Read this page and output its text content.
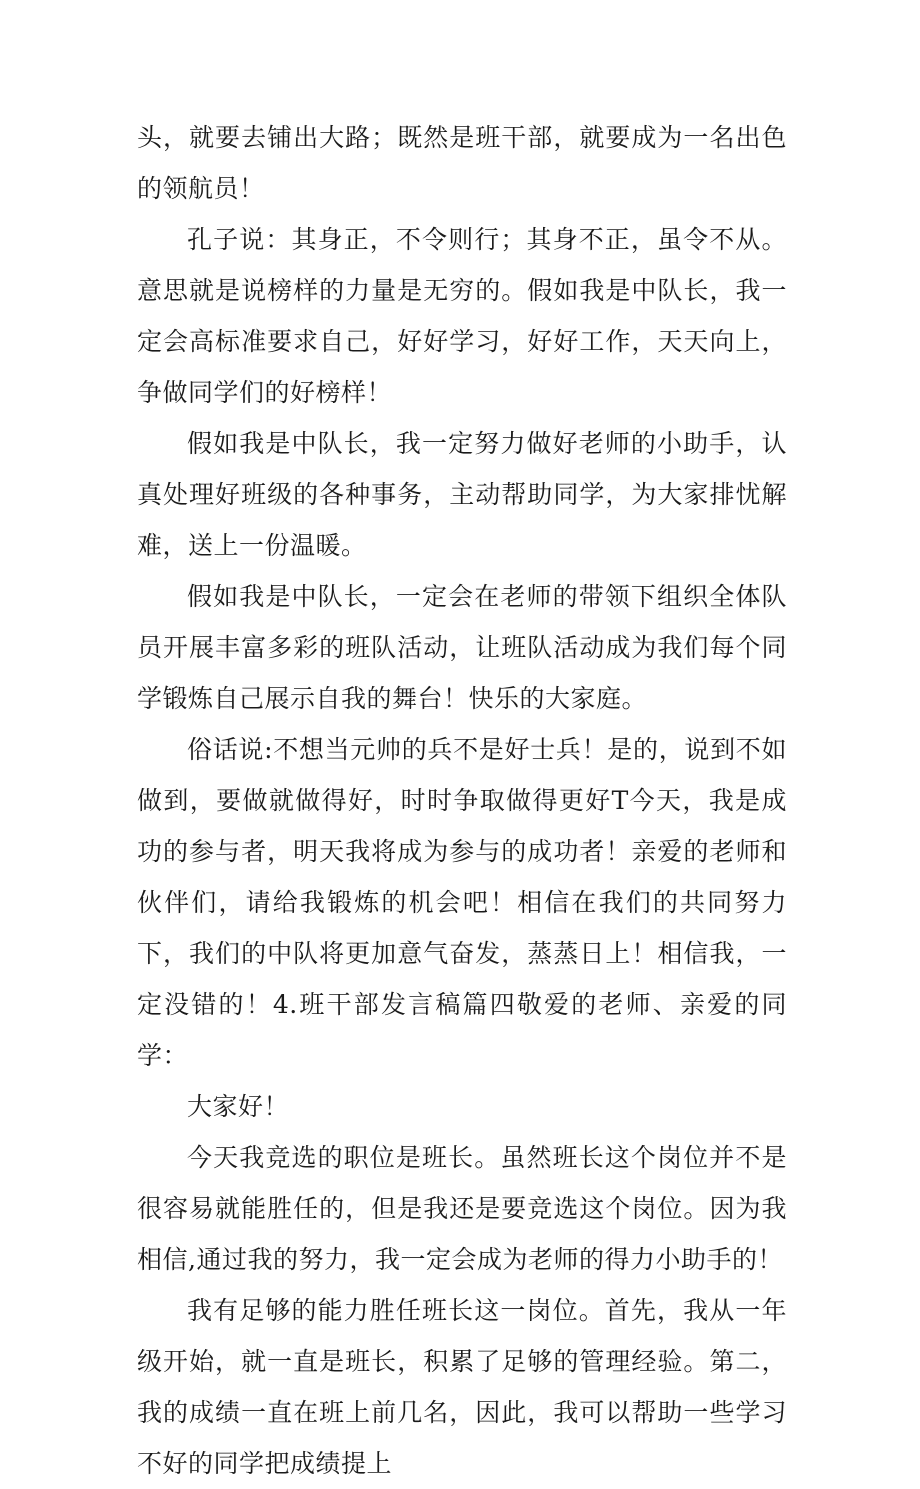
头，就要去铺出大路；既然是班干部，就要成为一名出色的领航员！

孔子说：其身正，不令则行；其身不正，虽令不从。意思就是说榜样的力量是无穷的。假如我是中队长，我一定会高标准要求自己，好好学习，好好工作，天天向上，争做同学们的好榜样！

假如我是中队长，我一定努力做好老师的小助手，认真处理好班级的各种事务，主动帮助同学，为大家排忧解难，送上一份温暖。

假如我是中队长，一定会在老师的带领下组织全体队员开展丰富多彩的班队活动，让班队活动成为我们每个同学锻炼自己展示自我的舞台！快乐的大家庭。

俗话说:不想当元帅的兵不是好士兵！是的，说到不如做到，要做就做得好，时时争取做得更好T今天，我是成功的参与者，明天我将成为参与的成功者！亲爱的老师和伙伴们，请给我锻炼的机会吧！相信在我们的共同努力下，我们的中队将更加意气奋发，蒸蒸日上！相信我，一定没错的！4.班干部发言稿篇四敬爱的老师、亲爱的同学：

大家好！

今天我竞选的职位是班长。虽然班长这个岗位并不是很容易就能胜任的，但是我还是要竞选这个岗位。因为我相信,通过我的努力，我一定会成为老师的得力小助手的！

我有足够的能力胜任班长这一岗位。首先，我从一年级开始，就一直是班长，积累了足够的管理经验。第二，我的成绩一直在班上前几名，因此，我可以帮助一些学习不好的同学把成绩提上
